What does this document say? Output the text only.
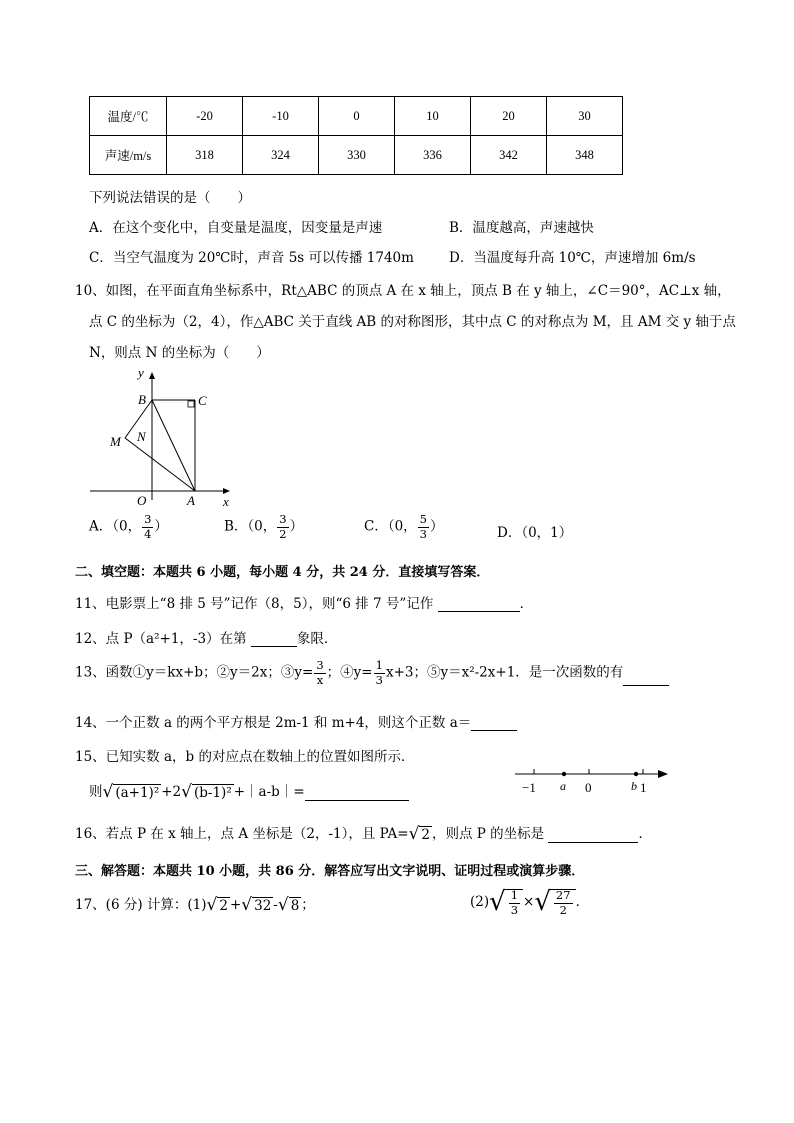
温度/℃	-20	-10	0	10	20	30
声速/m/s	318	324	330	336	342	348
下列说法错误的是（　　）
A．在这个变化中，自变量是温度，因变量是声速	B．温度越高，声速越快
C．当空气温度为 20℃时，声音 5s 可以传播 1740m	D．当温度每升高 10℃，声速增加 6m/s
10、如图，在平面直角坐标系中，Rt△ABC 的顶点 A 在 x 轴上，顶点 B 在 y 轴上，∠C＝90°，AC⊥x 轴，
点 C 的坐标为（2，4），作△ABC 关于直线 AB 的对称图形，其中点 C 的对称点为 M，且 AM 交 y 轴于点
N，则点 N 的坐标为（　　）
y
B	C
M N
O	A x
A．（0， $\frac{3}{4}$ ）	B．（0， $\frac{3}{2}$ ）	C．（0， $\frac{5}{3}$ ）	D．（0，1）
二、填空题：本题共 6 小题，每小题 4 分，共 24 分．直接填写答案．
11、电影票上“8 排 5 号”记作（8，5），则“6 排 7 号”记作	．
12、点 P（a²+1，-3）在第	象限．
13、函数①y＝kx+b；②y＝2x；③y= $\frac{3}{x}$ ；④y= $\frac{1}{3} x+3$；⑤y＝x²-2x+1．是一次函数的有
14、一个正数 a 的两个平方根是 2m-1 和 m+4，则这个正数 a＝
15、已知实数 a，b 的对应点在数轴上的位置如图所示．
则 √ (a+1)² +2 √ (b-1)² +｜a-b｜=	−1 a 0	b 1
16、若点 P 在 x 轴上，点 A 坐标是（2，-1），且 PA= √ 2 ，则点 P 的坐标是	．
三、解答题：本题共 10 小题，共 86 分．解答应写出文字说明、证明过程或演算步骤．
17、(6 分) 计算：(1) √ 2 + √ 32 - √ 8 ；	(2) √ $\frac{1}{3}$ × √ $\frac{27}{2}$ ．
